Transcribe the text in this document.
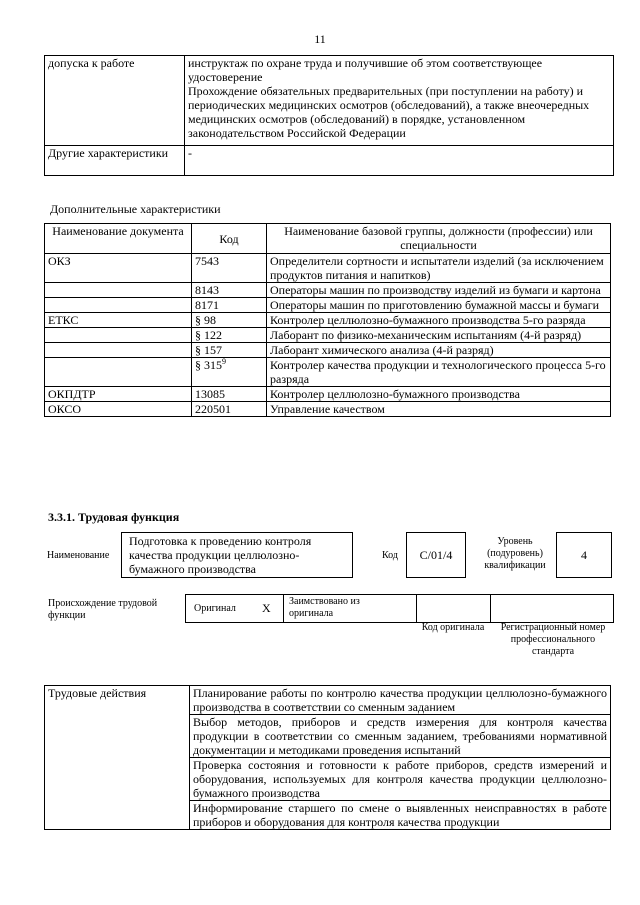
11
допуска к работе	инструктаж по охране труда и получившие об этом соответствующее удостоверение
Прохождение обязательных предварительных (при поступлении на работу) и периодических медицинских осмотров (обследований), а также внеочередных медицинских осмотров (обследований) в порядке, установленном законодательством Российской Федерации
Другие характеристики	-
Дополнительные характеристики
Наименование документа	Код	Наименование базовой группы, должности (профессии) или специальности
ОКЗ	7543	Определители сортности и испытатели изделий (за исключением продуктов питания и напитков)
	8143	Операторы машин по производству изделий из бумаги и картона
	8171	Операторы машин по приготовлению бумажной массы и бумаги
ЕТКС	§ 98	Контролер целлюлозно-бумажного производства 5-го разряда
	§ 122	Лаборант по физико-механическим испытаниям (4-й разряд)
	§ 157	Лаборант химического анализа (4-й разряд)
	§ $315^9$	Контролер качества продукции и технологического процесса 5-го разряда
ОКПДТР	13085	Контролер целлюлозно-бумажного производства
ОКСО	220501	Управление качеством
3.3.1. Трудовая функция
Наименование
Подготовка к проведению контроля качества продукции целлюлозно-бумажного производства
Код	C/01/4
Уровень (подуровень) квалификации
4
Происхождение трудовой функции
Оригинал X Заимствовано из оригинала
Код оригинала	Регистрационный номер профессионального стандарта
Трудовые действия	Планирование работы по контролю качества продукции целлюлозно-бумажного производства в соответствии со сменным заданием
Выбор методов, приборов и средств измерения для контроля качества продукции в соответствии со сменным заданием, требованиями нормативной документации и методиками проведения испытаний
Проверка состояния и готовности к работе приборов, средств измерений и оборудования, используемых для контроля качества продукции целлюлозно-бумажного производства
Информирование старшего по смене о выявленных неисправностях в работе приборов и оборудования для контроля качества продукции
